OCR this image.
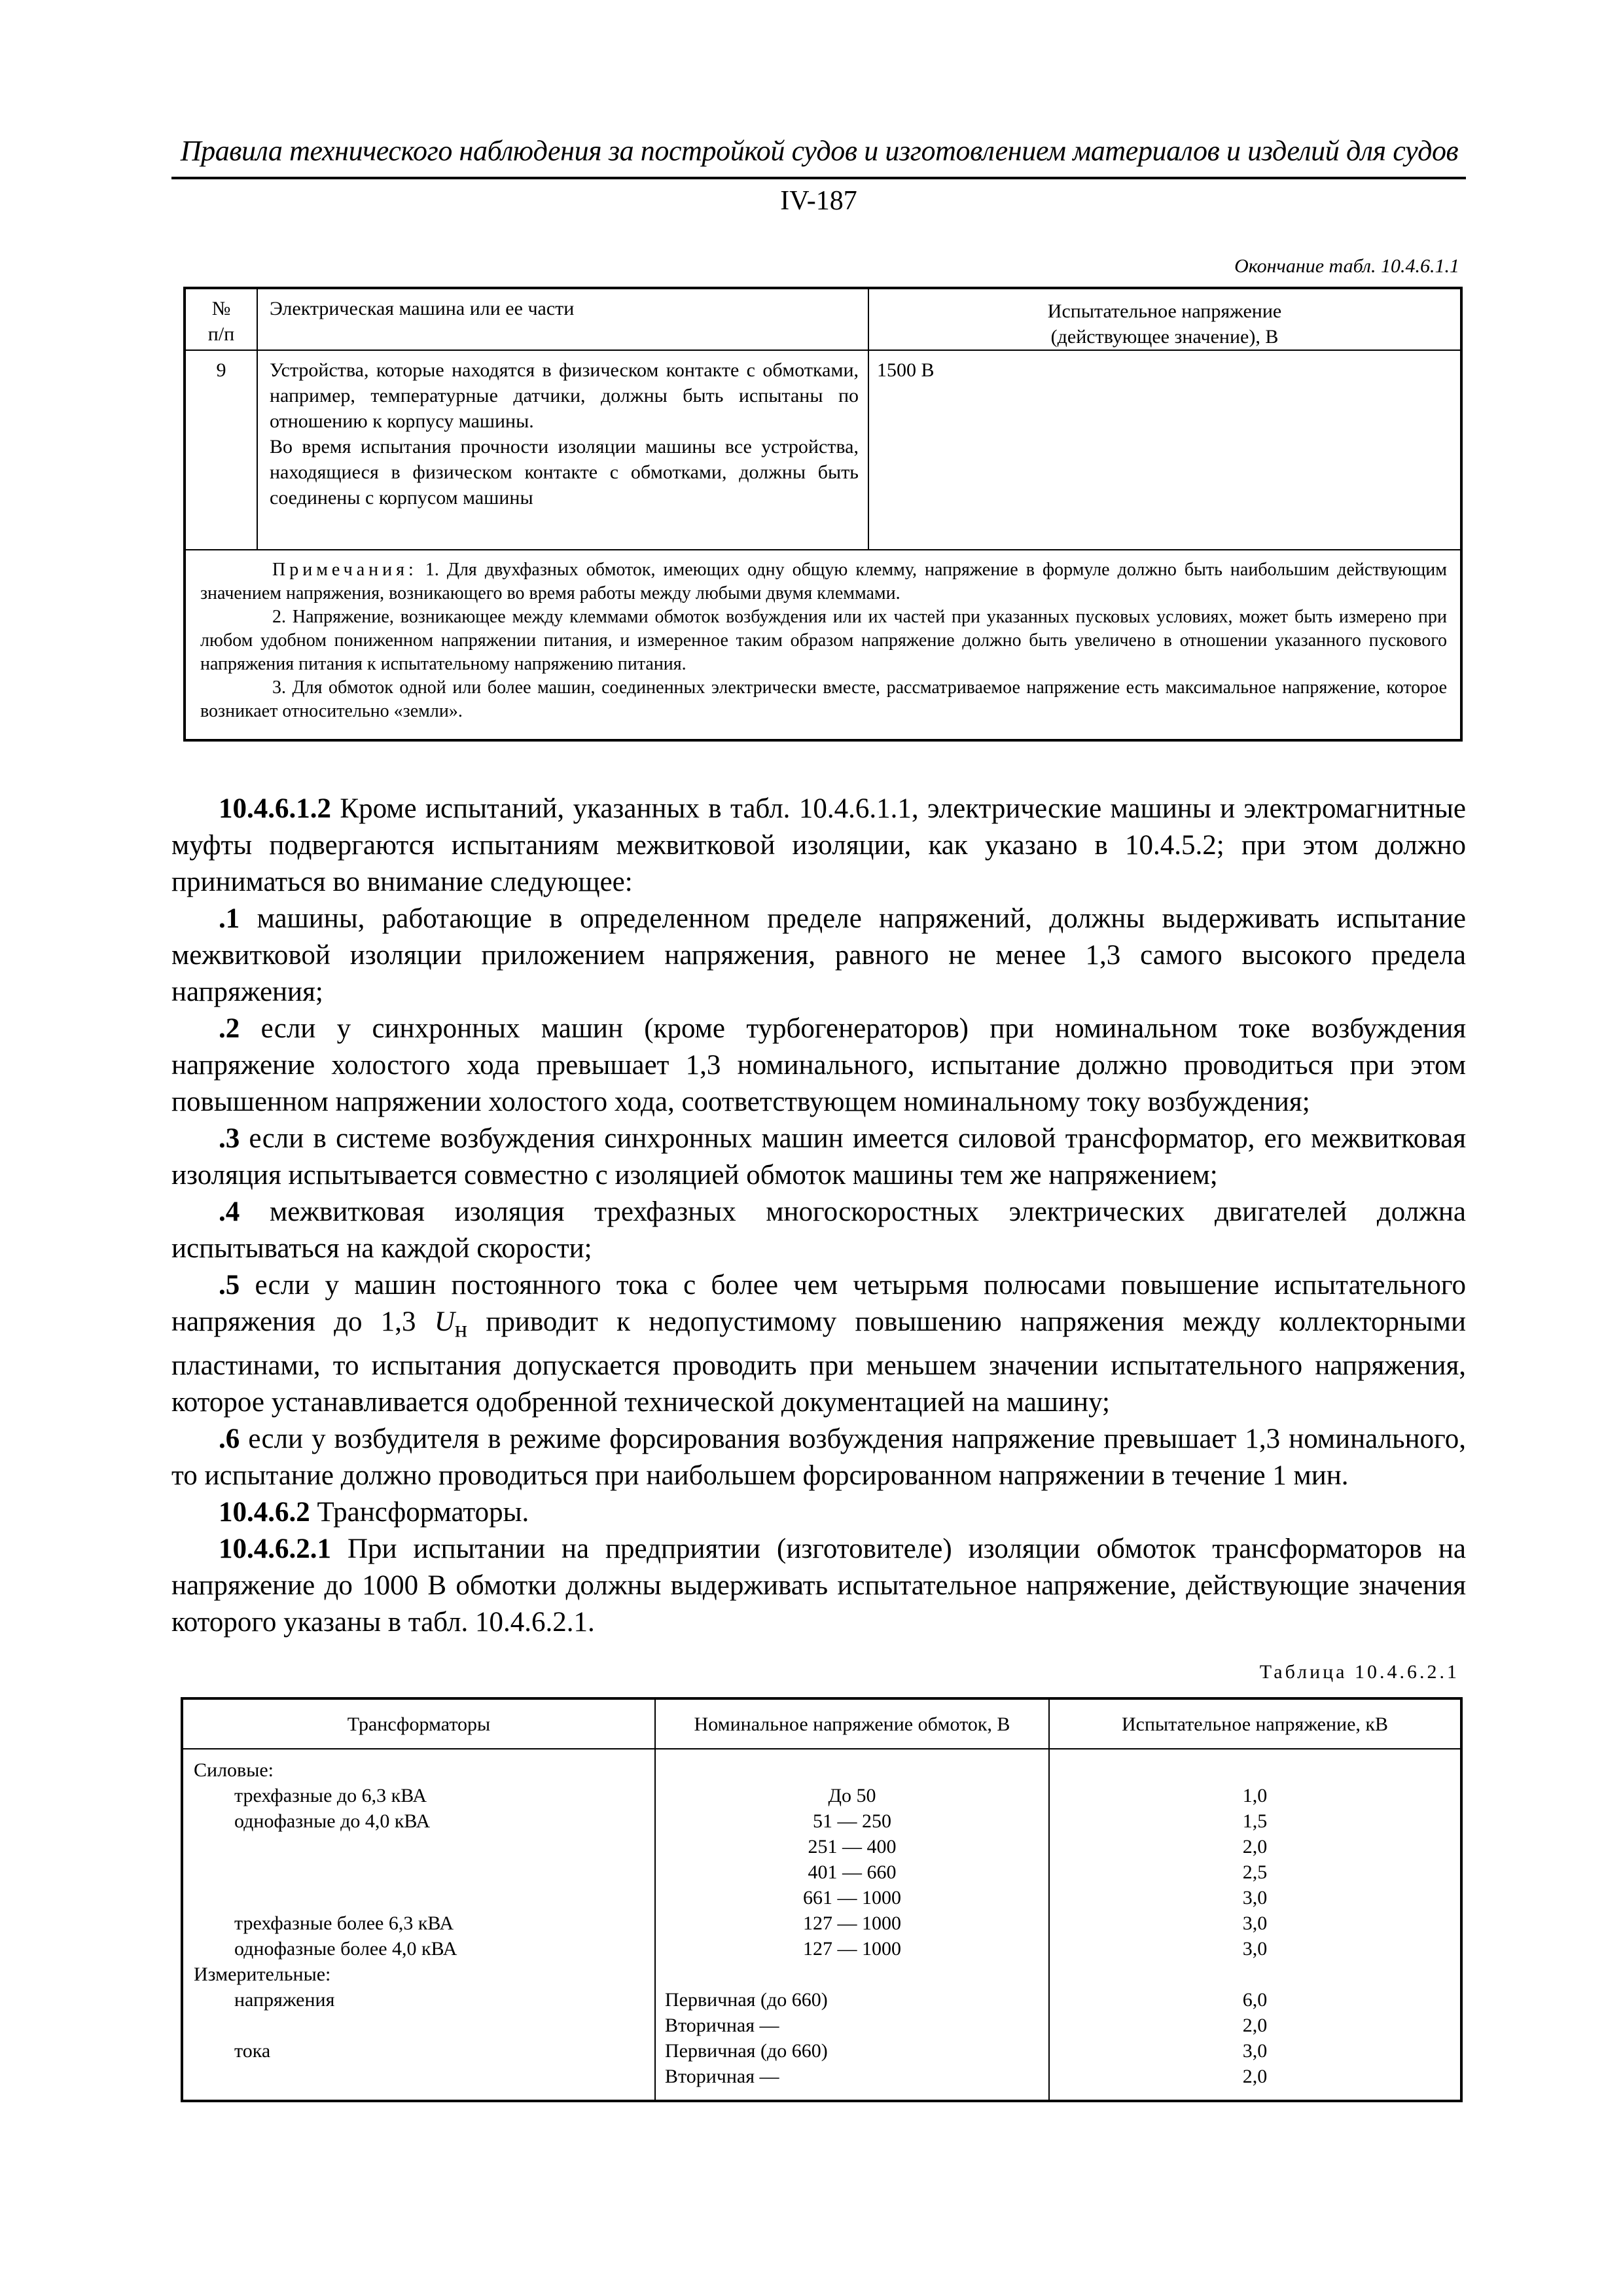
Правила технического наблюдения за постройкой судов и изготовлением материалов и изделий для судов
IV-187
Окончание табл. 10.4.6.1.1
№
п/п	Электрическая машина или ее части	Испытательное напряжение
(действующее значение), В
9	Устройства, которые находятся в физическом контакте с обмотками, например, температурные датчики, должны быть испытаны по отношению к корпусу машины.
Во время испытания прочности изоляции машины все устройства, находящиеся в физическом контакте с обмотками, должны быть соединены с корпусом машины	1500 В

Примечания: 1. Для двухфазных обмоток, имеющих одну общую клемму, напряжение в формуле должно быть наибольшим действующим значением напряжения, возникающего во время работы между любыми двумя клеммами.

2. Напряжение, возникающее между клеммами обмоток возбуждения или их частей при указанных пусковых условиях, может быть измерено при любом удобном пониженном напряжении питания, и измеренное таким образом напряжение должно быть увеличено в отношении указанного пускового напряжения питания к испытательному напряжению питания.

3. Для обмоток одной или более машин, соединенных электрически вместе, рассматриваемое напряжение есть максимальное напряжение, которое возникает относительно «земли».		

10.4.6.1.2 Кроме испытаний, указанных в табл. 10.4.6.1.1, электрические машины и электромагнитные муфты подвергаются испытаниям межвитковой изоляции, как указано в 10.4.5.2; при этом должно приниматься во внимание следующее:

.1 машины, работающие в определенном пределе напряжений, должны выдерживать испытание межвитковой изоляции приложением напряжения, равного не менее 1,3 самого высокого предела напряжения;

.2 если у синхронных машин (кроме турбогенераторов) при номинальном токе возбуждения напряжение холостого хода превышает 1,3 номинального, испытание должно проводиться при этом повышенном напряжении холостого хода, соответствующем номинальному току возбуждения;

.3 если в системе возбуждения синхронных машин имеется силовой трансформатор, его межвитковая изоляция испытывается совместно с изоляцией обмоток машины тем же напряжением;

.4 межвитковая изоляция трехфазных многоскоростных электрических двигателей должна испытываться на каждой скорости;

.5 если у машин постоянного тока с более чем четырьмя полюсами повышение испытательного напряжения до 1,3 $U_н$ приводит к недопустимому повышению напряжения между коллекторными пластинами, то испытания допускается проводить при меньшем значении испытательного напряжения, которое устанавливается одобренной технической документацией на машину;

.6 если у возбудителя в режиме форсирования возбуждения напряжение превышает 1,3 номинального, то испытание должно проводиться при наибольшем форсированном напряжении в течение 1 мин.

10.4.6.2 Трансформаторы.

10.4.6.2.1 При испытании на предприятии (изготовителе) изоляции обмоток трансформаторов на напряжение до 1000 В обмотки должны выдерживать испытательное напряжение, действующие значения которого указаны в табл. 10.4.6.2.1.

Таблица 10.4.6.2.1
Трансформаторы	Номинальное напряжение обмоток, В	Испытательное напряжение, кВ
Силовые:		
трехфазные до 6,3 кВА	До 50	1,0
однофазные до 4,0 кВА	51 — 250	1,5
	251 — 400	2,0
	401 — 660	2,5
	661 — 1000	3,0
трехфазные более 6,3 кВА	127 — 1000	3,0
однофазные более 4,0 кВА	127 — 1000	3,0
Измерительные:		
напряжения	Первичная (до 660)	6,0
	Вторичная —	2,0
тока	Первичная (до 660)	3,0
	Вторичная —	2,0
